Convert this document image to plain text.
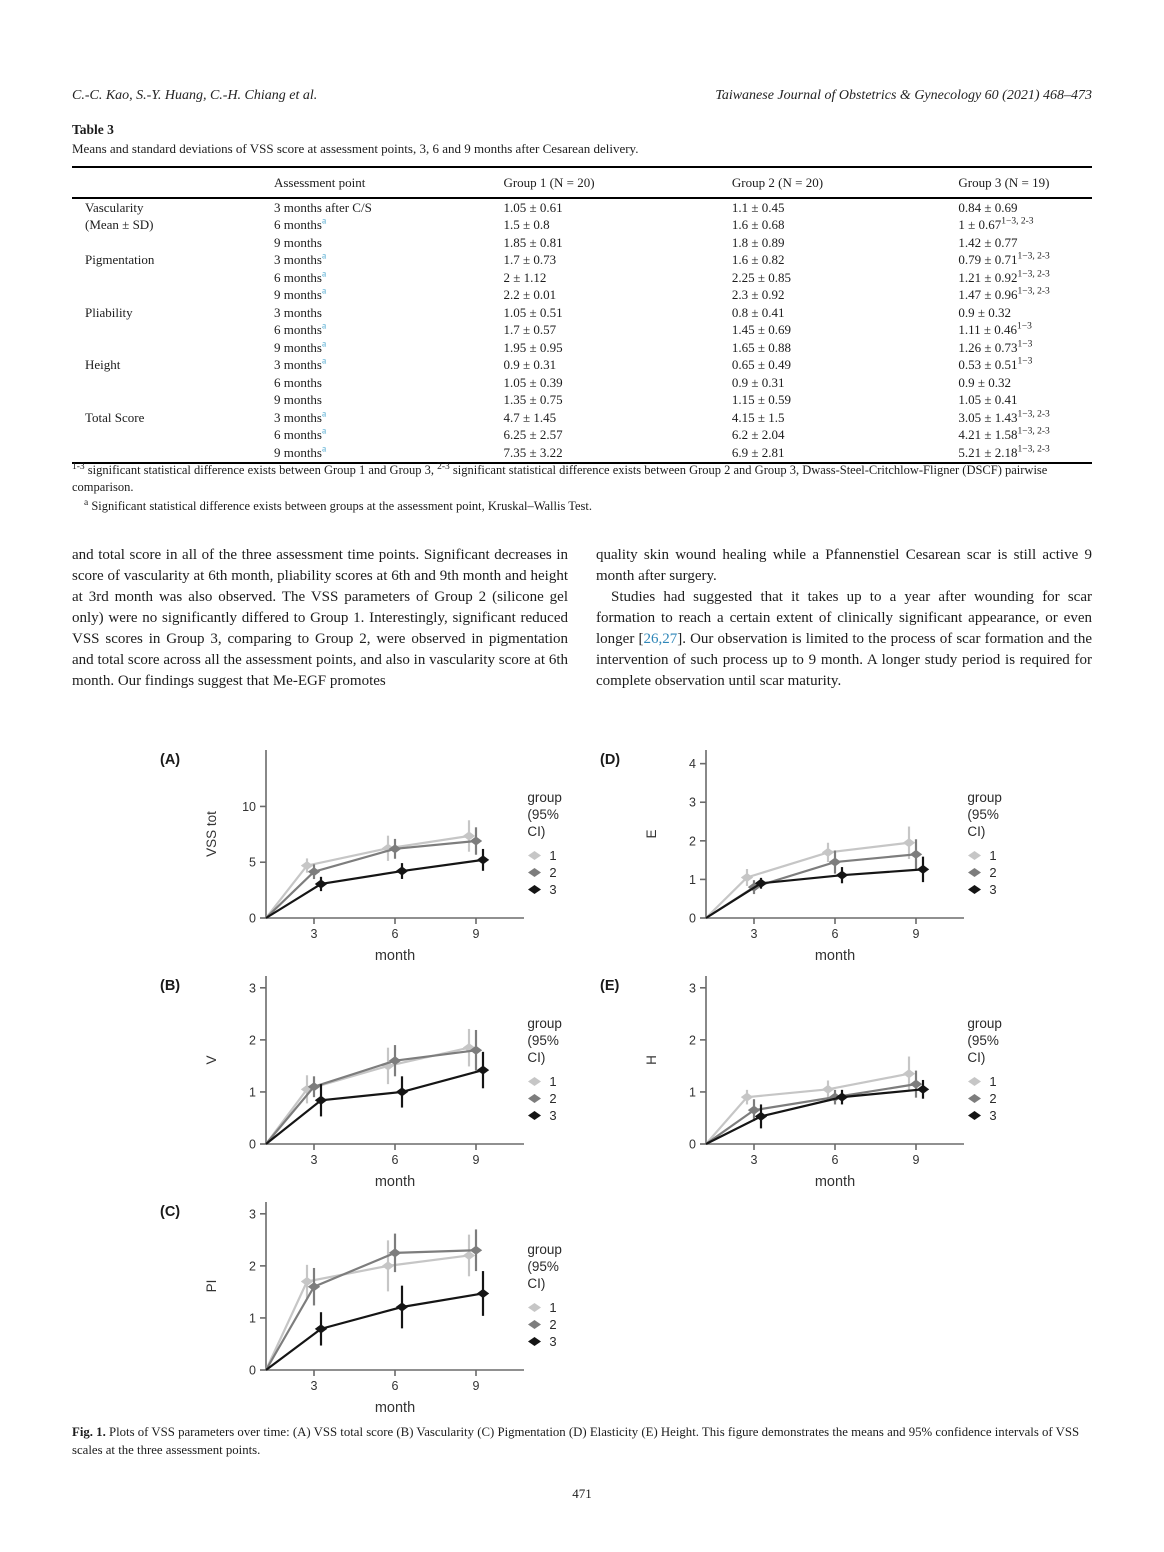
C.-C. Kao, S.-Y. Huang, C.-H. Chiang et al.	Taiwanese Journal of Obstetrics & Gynecology 60 (2021) 468–473
Table 3
Means and standard deviations of VSS score at assessment points, 3, 6 and 9 months after Cesarean delivery.
	Assessment point	Group 1 (N = 20)	Group 2 (N = 20)	Group 3 (N = 19)
Vascularity	3 months after C/S	1.05 ± 0.61	1.1 ± 0.45	0.84 ± 0.69
(Mean ± SD)	6 months$^a$	1.5 ± 0.8	1.6 ± 0.68	$1 \pm 0.67^{1-3, 2-3}$
	9 months	1.85 ± 0.81	1.8 ± 0.89	1.42 ± 0.77
Pigmentation	3 months$^a$	1.7 ± 0.73	1.6 ± 0.82	$0.79 \pm 0.71^{1-3, 2-3}$
	6 months$^a$	2 ± 1.12	2.25 ± 0.85	$1.21 \pm 0.92^{1-3, 2-3}$
	9 months$^a$	2.2 ± 0.01	2.3 ± 0.92	$1.47 \pm 0.96^{1-3, 2-3}$
Pliability	3 months	1.05 ± 0.51	0.8 ± 0.41	0.9 ± 0.32
	6 months$^a$	1.7 ± 0.57	1.45 ± 0.69	$1.11 \pm 0.46^{1-3}$
	9 months$^a$	1.95 ± 0.95	1.65 ± 0.88	$1.26 \pm 0.73^{1-3}$
Height	3 months$^a$	0.9 ± 0.31	0.65 ± 0.49	$0.53 \pm 0.51^{1-3}$
	6 months	1.05 ± 0.39	0.9 ± 0.31	0.9 ± 0.32
	9 months	1.35 ± 0.75	1.15 ± 0.59	1.05 ± 0.41
Total Score	3 months$^a$	4.7 ± 1.45	4.15 ± 1.5	$3.05 \pm 1.43^{1-3, 2-3}$
	6 months$^a$	6.25 ± 2.57	6.2 ± 2.04	$4.21 \pm 1.58^{1-3, 2-3}$
	9 months$^a$	7.35 ± 3.22	6.9 ± 2.81	$5.21 \pm 2.18^{1-3, 2-3}$
$^{1-3}$ significant statistical difference exists between Group 1 and Group 3, $^{2-3}$ significant statistical difference exists between Group 2 and Group 3, Dwass-Steel-Critchlow-Fligner (DSCF) pairwise comparison.
$^a$ Significant statistical difference exists between groups at the assessment point, Kruskal–Wallis Test.

and total score in all of the three assessment time points. Significant decreases in score of vascularity at 6th month, pliability scores at 6th and 9th month and height at 3rd month was also observed. The VSS parameters of Group 2 (silicone gel only) were no significantly differed to Group 1. Interestingly, significant reduced VSS scores in Group 3, comparing to Group 2, were observed in pigmentation and total score across all the assessment points, and also in vascularity score at 6th month. Our findings suggest that Me-EGF promotes

quality skin wound healing while a Pfannenstiel Cesarean scar is still active 9 month after surgery.

Studies had suggested that it takes up to a year after wounding for scar formation to reach a certain extent of clinically significant appearance, or even longer [26,27]. Our observation is limited to the process of scar formation and the intervention of such process up to 9 month. A longer study period is required for complete observation until scar maturity.

(A)
0
5
10
3	6	9
VSS tot
month
group
(95% CI)
1
2
3
(D)
0
1
2
3
4
3	6	9
E
month
group
(95% CI)
1
2
3
(B)
0
1
2
3
3	6	9
V
month
group
(95% CI)
1
2
3
(E)
0
1
2
3
3	6	9
H
month
group
(95% CI)
1
2
3
(C)
0
1
2
3
3	6	9
PI
month
group
(95% CI)
1
2
3
Fig. 1. Plots of VSS parameters over time: (A) VSS total score (B) Vascularity (C) Pigmentation (D) Elasticity (E) Height. This figure demonstrates the means and 95% confidence intervals of VSS scales at the three assessment points.
471
